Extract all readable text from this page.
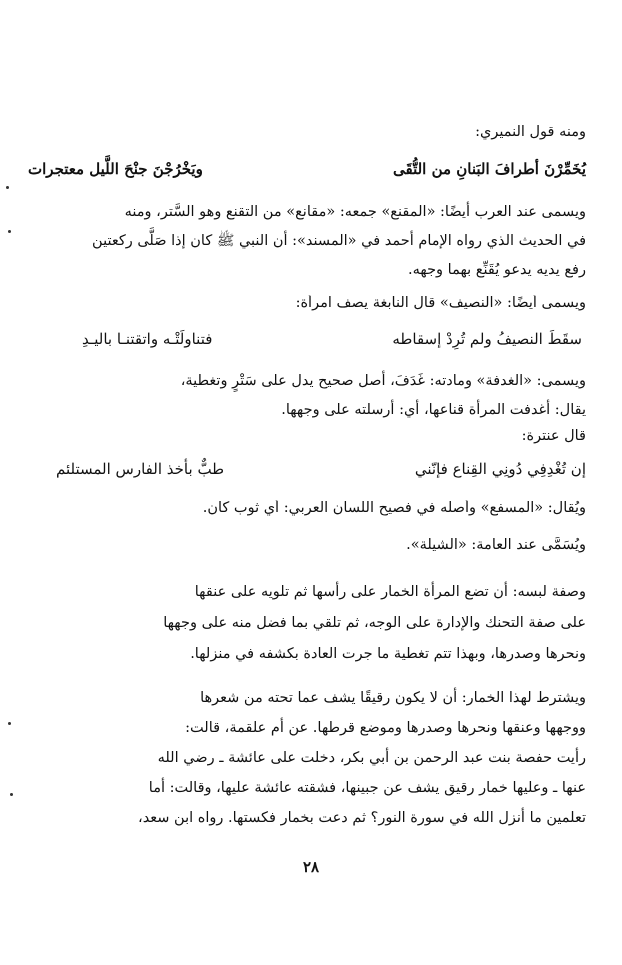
ومنه قول النميري:
يُخَمِّرْنَ أطرافَ البَنانِ من التُّقَى
ويَخْرُجْنَ جنْحَ اللَّيل معتجرات
ويسمى عند العرب أيضًا: «المقنع» جمعه: «مقانع» من التقنع وهو السَّتر، ومنه
في الحديث الذي رواه الإمام أحمد في «المسند»: أن النبي ﷺ كان إذا صَلَّى ركعتين
رفع يديه يدعو يُقَنِّع بهما وجهه.
ويسمى أيضًا: «النصيف» قال النابغة يصف امرأة:
سقَطَ النصيفُ ولم تُرِدْ إسقاطه
فتناولَتْـه واتقتنـا باليـدِ
ويسمى: «الغدفة» ومادته: غَدَفَ، أصل صحيح يدل على سَتْرٍ وتغطية،
يقال: أغدفت المرأة قناعها، أي: أرسلته على وجهها.
قال عنترة:
إن تُغْدِفِي دُونِي القِناع فإنّني
طبٌّ بأخذ الفارس المستلئم
ويُقال: «المسفع» وأصله في فصيح اللسان العربي: أي ثوب كان.
ويُسَمَّى عند العامة: «الشيلة».
وصفة لبسه: أن تضع المرأة الخمار على رأسها ثم تلويه على عنقها
على صفة التحنك والإدارة على الوجه، ثم تلقي بما فضل منه على وجهها
ونحرها وصدرها، وبهذا تتم تغطية ما جرت العادة بكشفه في منزلها.
ويشترط لهذا الخمار: أن لا يكون رقيقًا يشف عما تحته من شعرها
ووجهها وعنقها ونحرها وصدرها وموضع قرطها. عن أم علقمة، قالت:
رأيت حفصة بنت عبد الرحمن بن أبي بكر، دخلت على عائشة ـ رضي الله
عنها ـ وعليها خمار رقيق يشف عن جبينها، فشقته عائشة عليها، وقالت: أما
تعلمين ما أنزل الله في سورة النور؟ ثم دعت بخمار فكستها. رواه ابن سعد،
٢٨
